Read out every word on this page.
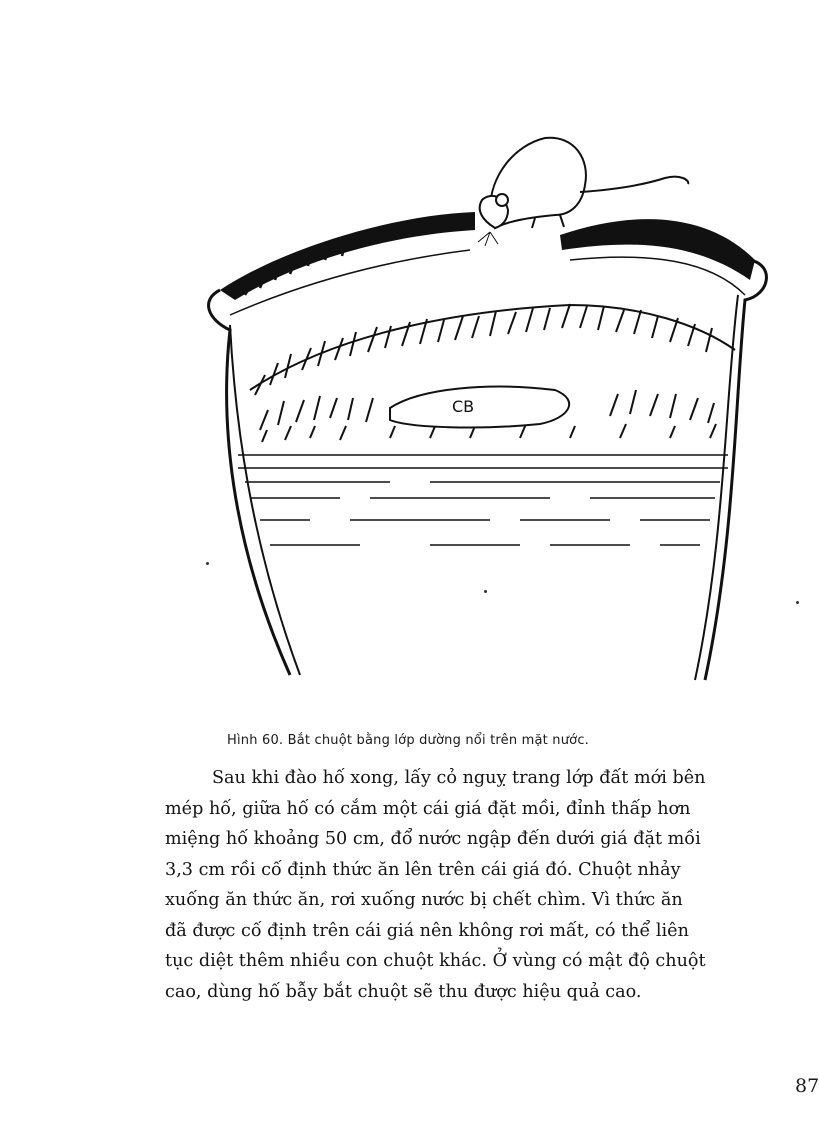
CB
Hình 60. Bắt chuột bằng lớp dường nổi trên mặt nước.

Sau khi đào hố xong, lấy cỏ nguỵ trang lớp đất mới bên
mép hố, giữa hố có cắm một cái giá đặt mồi, đỉnh thấp hơn
miệng hố khoảng 50 cm, đổ nước ngập đến dưới giá đặt mồi
3,3 cm rồi cố định thức ăn lên trên cái giá đó. Chuột nhảy
xuống ăn thức ăn, rơi xuống nước bị chết chìm. Vì thức ăn
đã được cố định trên cái giá nên không rơi mất, có thể liên
tục diệt thêm nhiều con chuột khác. Ở vùng có mật độ chuột
cao, dùng hố bẫy bắt chuột sẽ thu được hiệu quả cao.

87
